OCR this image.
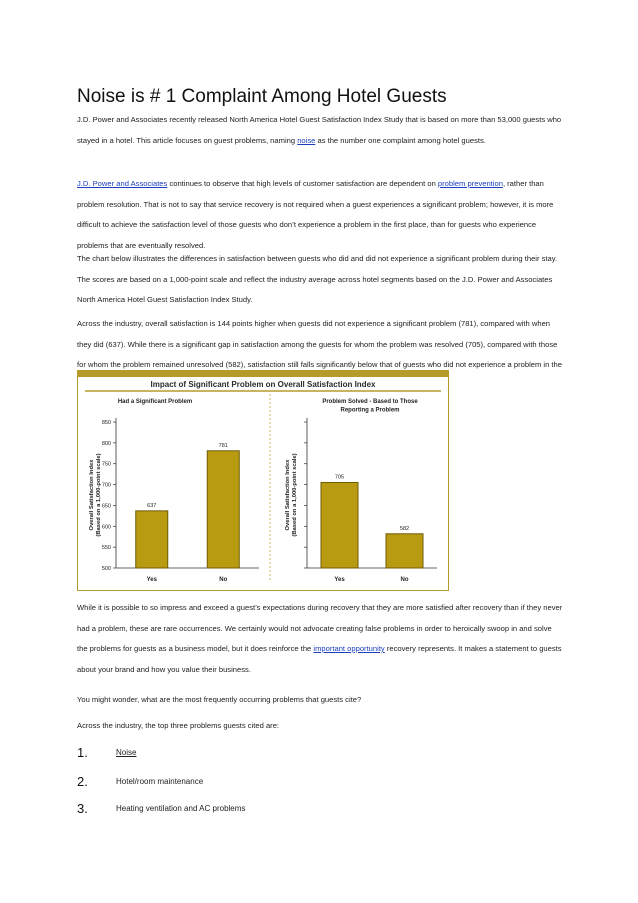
Noise is # 1 Complaint Among Hotel Guests

J.D. Power and Associates recently released North America Hotel Guest Satisfaction Index Study that is based on more than 53,000 guests who stayed in a hotel. This article focuses on guest problems, naming noise as the number one complaint among hotel guests.

J.D. Power and Associates continues to observe that high levels of customer satisfaction are dependent on problem prevention, rather than problem resolution. That is not to say that service recovery is not required when a guest experiences a significant problem; however, it is more difficult to achieve the satisfaction level of those guests who don’t experience a problem in the first place, than for guests who experience problems that are eventually resolved.

The chart below illustrates the differences in satisfaction between guests who did and did not experience a significant problem during their stay. The scores are based on a 1,000-point scale and reflect the industry average across hotel segments based on the J.D. Power and Associates North America Hotel Guest Satisfaction Index Study.

Across the industry, overall satisfaction is 144 points higher when guests did not experience a significant problem (781), compared with when they did (637). While there is a significant gap in satisfaction among the guests for whom the problem was resolved (705), compared with those for whom the problem remained unresolved (582), satisfaction still falls significantly below that of guests who did not experience a problem in the

Impact of Significant Problem on Overall Satisfaction Index
Had a Significant Problem
Overall Satisfaction Index (Based on a 1,000-point scale)
500
550
600
650
700
750
800
850
637
Yes
781
No
Problem Solved - Based to Those
Reporting a Problem
Overall Satisfaction Index (Based on a 1,000-point scale)	705
Yes
582
No

While it is possible to so impress and exceed a guest’s expectations during recovery that they are more satisfied after recovery than if they never had a problem, these are rare occurrences. We certainly would not advocate creating false problems in order to heroically swoop in and solve the problems for guests as a business model, but it does reinforce the important opportunity recovery represents. It makes a statement to guests about your brand and how you value their business.

You might wonder, what are the most frequently occurring problems that guests cite?

Across the industry, the top three problems guests cited are:

1.	Noise
2.	Hotel/room maintenance
3.	Heating ventilation and AC problems
